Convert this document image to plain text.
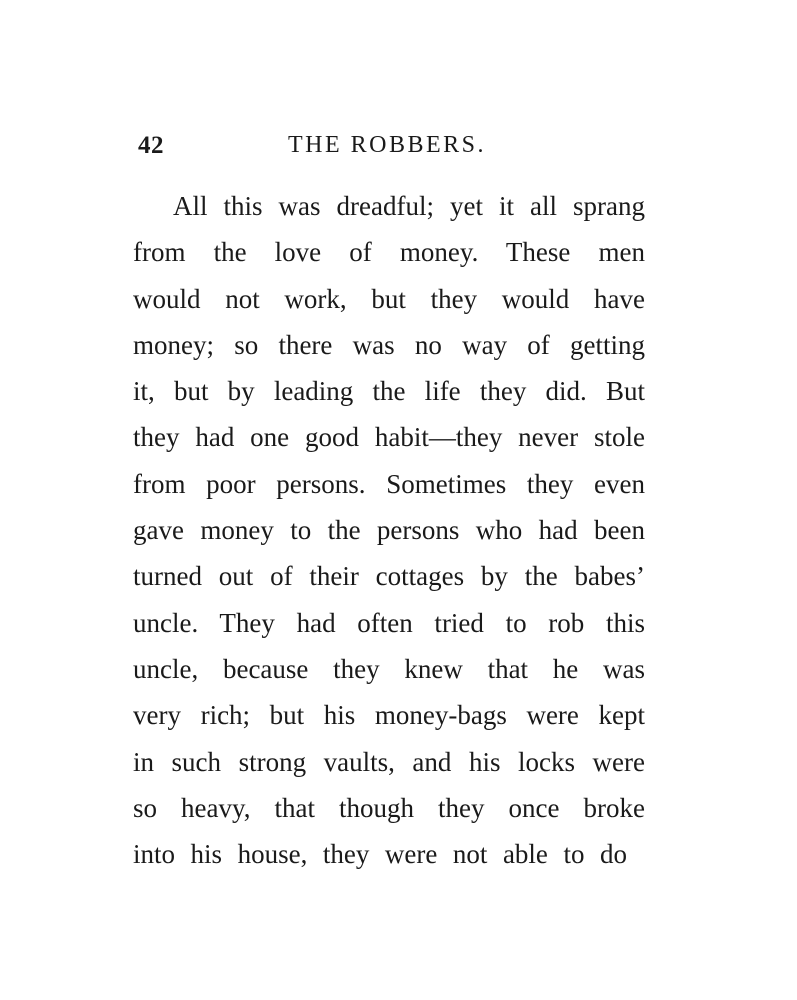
42	THE ROBBERS.
All this was dreadful; yet it all sprang
from the love of money. These men
would not work, but they would have
money; so there was no way of getting
it, but by leading the life they did. But
they had one good habit—they never stole
from poor persons. Sometimes they even
gave money to the persons who had been
turned out of their cottages by the babes’
uncle. They had often tried to rob this
uncle, because they knew that he was
very rich; but his money-bags were kept
in such strong vaults, and his locks were
so heavy, that though they once broke
into his house, they were not able to do
